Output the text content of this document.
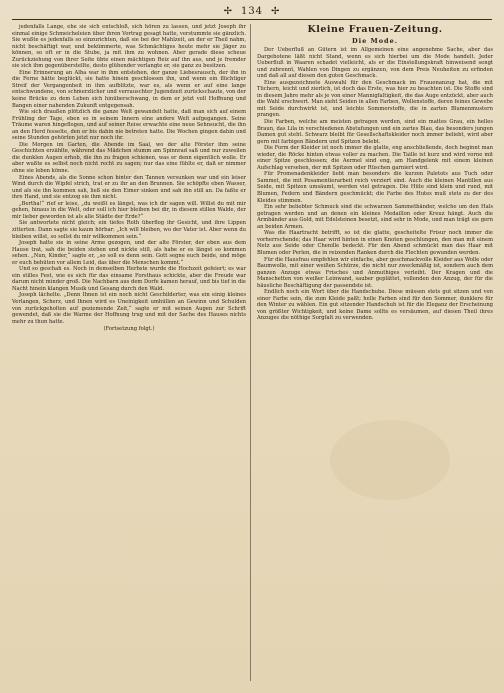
✢ 134 ✢

jedenfalls Lange, ehe sie sich entschloß, sich hören zu lassen, und jetzt Joseph ihr einmal einige Schmeicheleien über ihren Vortrag gesagt hatte, verstummte sie gänzlich. Sie wußte es jedenfalls so einzurichten, daß sie bei der Mahlzeit, an der er Theil nahm, nicht beschäftigt war, und bekümmerte, was Schmächtiges heute mehr sie Jäger zu können, so oft er in die Stube, ja mit ihm zu wohnen. Aber gerade diese scheue Zurückziehung von ihrer Seite übte einen mächtigen Reiz auf ihn aus, und je fremder sie sich ihm gegenüberstellte, desto glühender verlangte er, sie ganz zu besitzen.

Eine Erinnerung an Alba war in ihm entstehen, der ganze Liebesrausch, der ihn in die Ferne hätte beglückt, sie hatte hinein geschlossen ihn, und wenn ein flüchtiger Streif der Vergangenheit in ihm aufblitzte, war es, als wenn er auf eine lange entschwundene, von schmerzlicher und verrauschter Jugendzeit zurückschaute, von der keine Brücke zu dem Leben sich hinüberschwang, in dem er jetzt voll Hoffnung und Bangen einer nahenden Zukunft entgegensah.

Wie sich draußen plötzlich die ganze Welt gewandelt hatte, daß man sich auf einem Frühling der Tage, eben so in seinem Innern eine andere Welt aufgegangen. Seine Träume waren hingeflogen, und auf seiner Reise erwachte eine neue Sehnsucht, die ihn an den Herd fesselte, den er bis dahin nie betreten hatte. Die Wochen gingen dahin und seine Stunden gehörten jetzt nur noch ihr.

Die Morgen im Garten, die Abende im Saal, wo der alte Förster ihm seine Geschichten erzählte, während das Mädchen stumm am Spinnrad saß und nur zuweilen die dunklen Augen erhob, die ihn zu fragen schienen, was er denn eigentlich wolle. Er aber wußte es selbst noch nicht recht zu sagen; nur das eine fühlte er, daß er nimmer ohne sie leben könne.

Eines Abends, als die Sonne schon hinter den Tannen versunken war und ein leiser Wind durch die Wipfel strich, trat er zu ihr an den Brunnen. Sie schöpfte eben Wasser, und als sie ihn kommen sah, ließ sie den Eimer sinken und sah ihn still an. Da faßte er ihre Hand, und sie entzog sie ihm nicht.

„Bertha!“ rief er leise, „du weißt es längst, was ich dir sagen will. Willst du mit mir gehen, hinaus in die Welt, oder soll ich hier bleiben bei dir, in diesem stillen Walde, der mir lieber geworden ist als alle Städte der Erde?“

Sie antwortete nicht gleich; ein tiefes Roth überflog ihr Gesicht, und ihre Lippen zitterten. Dann sagte sie kaum hörbar: „Ich will bleiben, wo der Vater ist. Aber wenn du bleiben willst, so sollst du mir willkommen sein.“

Joseph hatte sie in seine Arme gezogen, und der alte Förster, der eben aus dem Hause trat, sah die beiden stehen und nickte still, als habe er es längst so kommen sehen. „Nun, Kinder,“ sagte er, „so soll es denn sein. Gott segne euch beide, und möge er euch behüten vor allem Leid, das über die Menschen kommt.“

Und so geschah es. Noch in demselben Herbste wurde die Hochzeit gefeiert; es war ein stilles Fest, wie es sich für das einsame Forsthaus schickte, aber die Freude war darum nicht minder groß. Die Nachbarn aus dem Dorfe kamen herauf, und bis tief in die Nacht hinein klangen Musik und Gesang durch den Wald.

Joseph lächelte. „Denn Ihnen ist ein noch nicht Geschilderter, was ein einig kleines Verlangen, Scherz, und Ihnen wird es Uneinigkeit umhüllen an Gewinn und Schulden von zurückgeholten auf geziemende Zeit,“ sagte er mit seinen Augen zur Schrift gewendet, daß sie die Warme der Hoffnung trug und mit der Sache des Hauses nichts mehr zu thun hatte.

(Fortsetzung folgt.)

Kleine Frauen-Zeitung.
Die Mode.

Der Ueberfluß an Gütern ist im Allgemeinen eine angenehme Sache, aber das Dargebotene läßt nicht Stand, wenn es sich hierbei um die Mode handelt. Jeder Ueberfluß in Waaren schadet vielleicht, als er die Einstellungskraft hinweisend sengt und zubrennt, Wahlen von Dingen zu ergänzen, von dem Preis Neuheiten zu erfinden und daß all auf diesen den guten Geschmack.

Eine ausgezeichnete Auswahl für den Geschmack im Frauenanzug hat, die mit Tüchern, leicht und zierlich, ist doch das Erste, was hier zu beachten ist. Die Stoffe sind in diesem Jahre mehr als je von einer Mannigfaltigkeit, die das Auge entzückt, aber auch die Wahl erschwert. Man sieht Seiden in allen Farben, Wollenstoffe, deren feines Gewebe mit Seide durchwirkt ist, und leichte Sommerstoffe, die in zarten Blumenmustern prangen.

Die Farben, welche am meisten getragen werden, sind ein mattes Grau, ein helles Braun, das Lila in verschiedenen Abstufungen und ein zartes Blau, das besonders jungen Damen gut steht. Schwarz bleibt für Gesellschaftskleider noch immer beliebt, wird aber gern mit farbigen Bändern und Spitzen belebt.

Die Form der Kleider ist noch immer die glatte, eng anschließende, doch beginnt man wieder, die Röcke hinten etwas voller zu machen. Die Taille ist kurz und wird vorne mit einer Spitze geschlossen; die Aermel sind eng, am Handgelenk mit einem kleinen Aufschlag versehen, der mit Spitzen oder Rüschen garniert wird.

Für Promenadenkleider liebt man besonders die kurzen Paletots aus Tuch oder Sammet, die mit Posamentierarbeit reich verziert sind. Auch die kleinen Mantillen aus Seide, mit Spitzen umsäumt, werden viel getragen. Die Hüte sind klein und rund, mit Blumen, Federn und Bändern geschmückt; die Farbe des Hutes muß stets zu der des Kleides stimmen.

Ein sehr beliebter Schmuck sind die schwarzen Sammetbänder, welche um den Hals getragen werden und an denen ein kleines Medaillon oder Kreuz hängt. Auch die Armbänder aus Gold, mit Edelsteinen besetzt, sind sehr in Mode, und man trägt sie gern an beiden Armen.

Was die Haartracht betrifft, so ist die glatte, gescheitelte Frisur noch immer die vorherrschende; das Haar wird hinten in einen Knoten geschlungen, den man mit einem Netz aus Seide oder Chenille bedeckt. Für den Abend schmückt man das Haar mit Blumen oder Perlen, die in reizenden Ranken durch die Flechten gewunden werden.

Für die Hausfrau empfehlen wir einfache, aber geschmackvolle Kleider aus Wolle oder Baumwolle, mit einer weißen Schürze, die nicht nur zweckmäßig ist, sondern auch dem ganzen Anzuge etwas Frisches und Anmuthiges verleiht. Der Kragen und die Manschetten von weißer Leinwand, sauber geplättet, vollenden den Anzug, der für die häusliche Beschäftigung der passendste ist.

Endlich noch ein Wort über die Handschuhe. Diese müssen stets gut sitzen und von einer Farbe sein, die zum Kleide paßt; helle Farben sind für den Sommer, dunklere für den Winter zu wählen. Ein gut sitzender Handschuh ist für die Eleganz der Erscheinung von größter Wichtigkeit, und keine Dame sollte es versäumen, auf diesen Theil ihres Anzuges die nöthige Sorgfalt zu verwenden.
